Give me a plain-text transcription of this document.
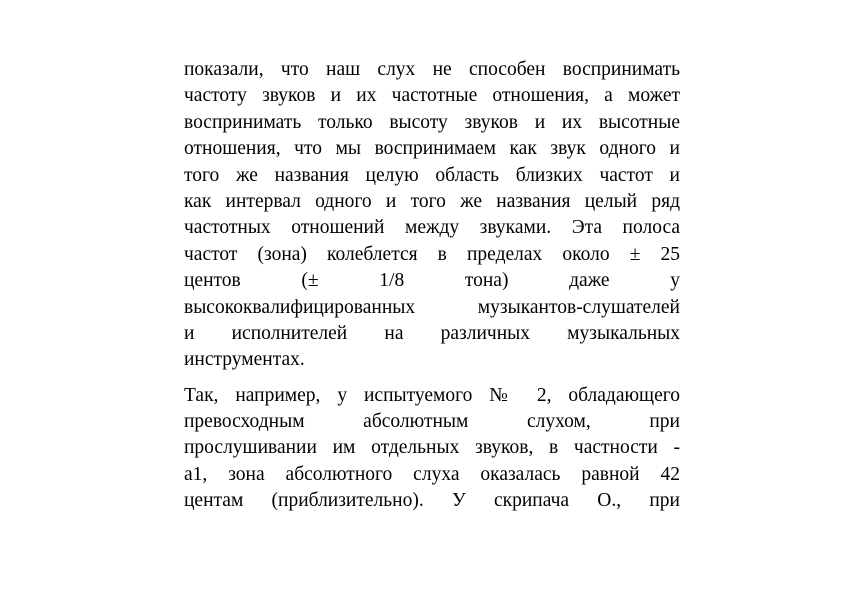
показали, что наш слух не способен воспринимать
частоту звуков и их частотные отношения, а может
воспринимать только высоту звуков и их высотные
отношения, что мы воспринимаем как звук одного и
того же названия целую область близких частот и
как интервал одного и того же названия целый ряд
частотных отношений между звуками. Эта полоса
частот (зона) колеблется в пределах около ± 25
центов (± 1/8 тона) даже у
высококвалифицированных музыкантов-слушателей
и исполнителей на различных музыкальных
инструментах.
Так, например, у испытуемого № 2, обладающего
превосходным абсолютным слухом, при
прослушивании им отдельных звуков, в частности -
а1, зона абсолютного слуха оказалась равной 42
центам (приблизительно). У скрипача О., при
